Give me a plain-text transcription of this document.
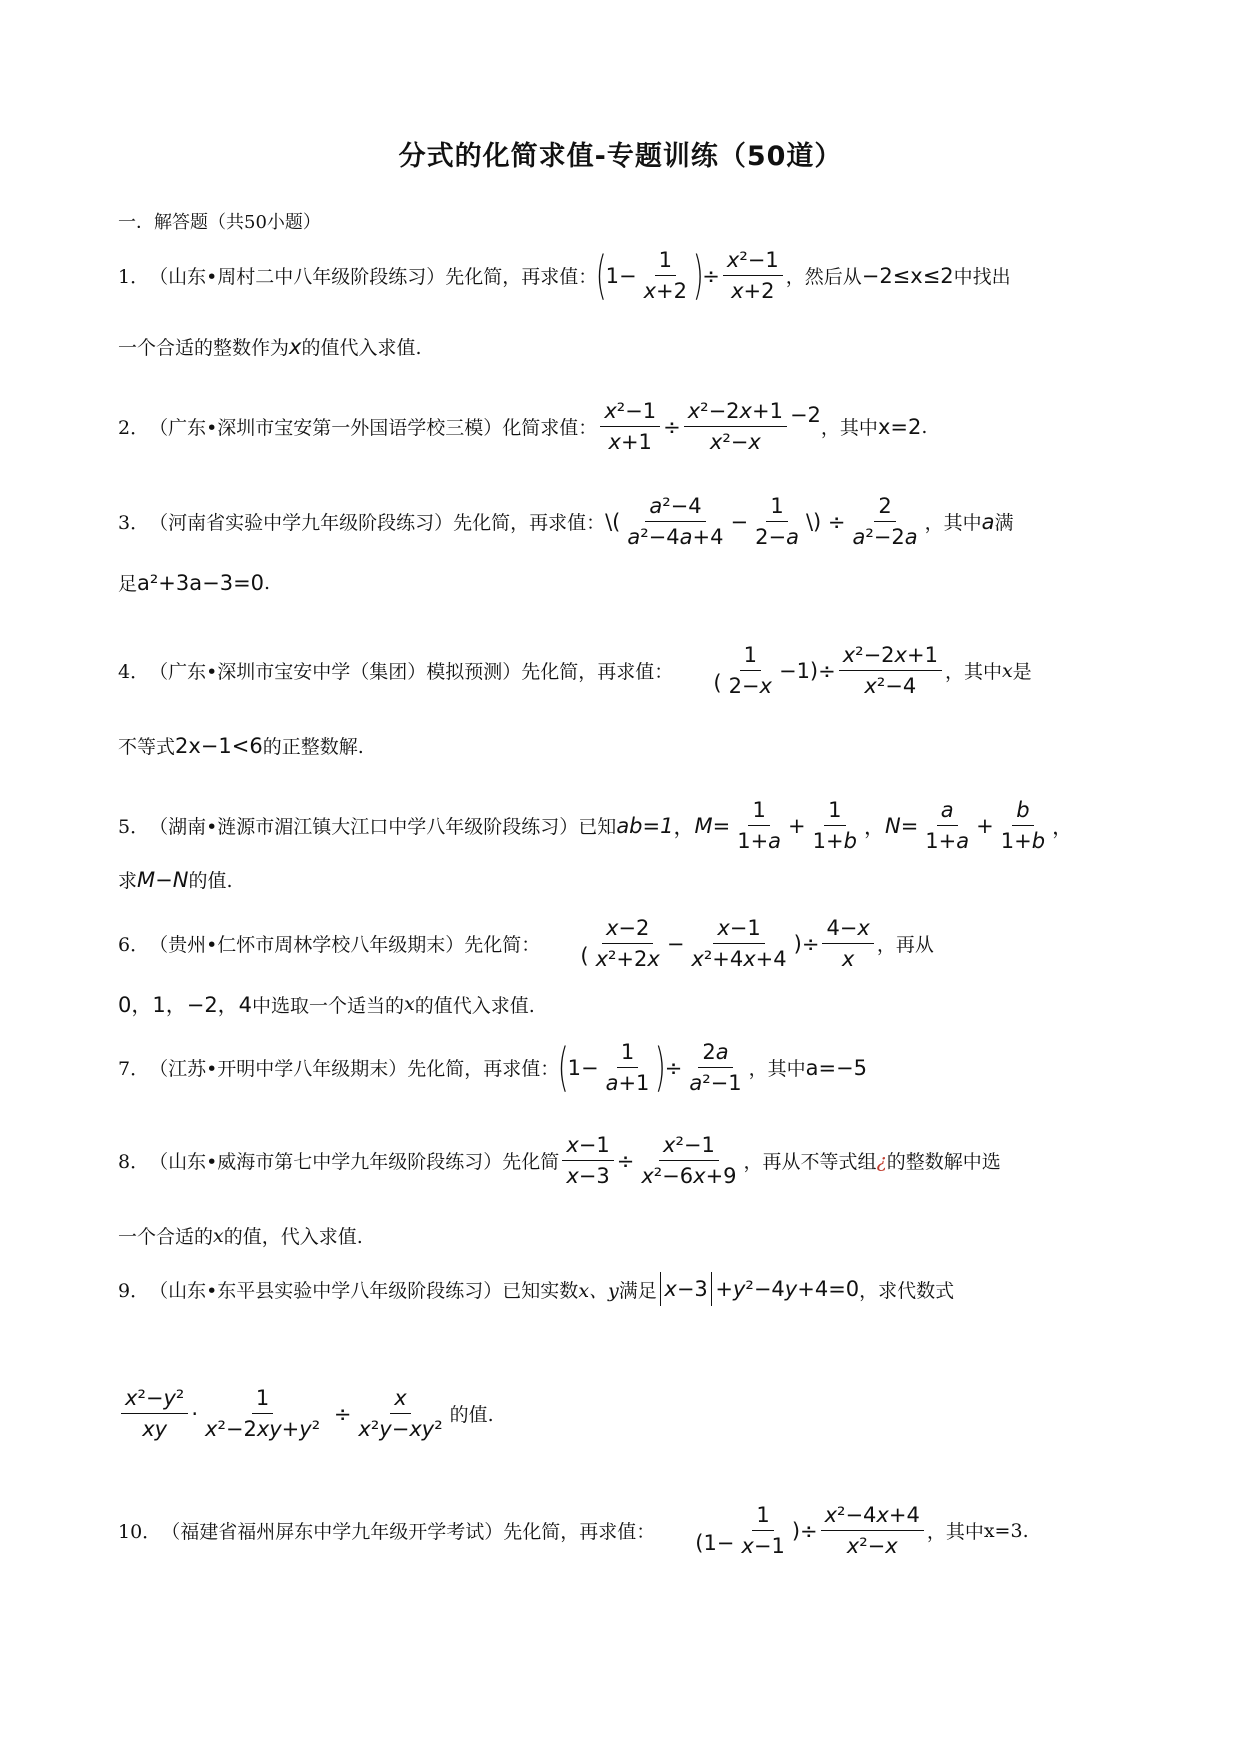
分式的化简求值-专题训练（50道）
一．解答题（共50小题）
1． （山东•周村二中八年级阶段练习）先化简，再求值：
(
$1- \frac{1}{x+2}$ )
÷ $\frac{\text{x²−1}}{x+2}$ ，然后从 −2≤x≤2 中找出
一个合适的整数作为 x 的值代入求值.
2． （广东•深圳市宝安第一外国语学校三模）化简求值： $\frac{\text{x²−1}}{x+1} \div \frac{\text{x²−2x+1}}{\text{x²−x}} -2$

，其中 x=2 .
3． （河南省实验中学九年级阶段练习）先化简，再求值： \( $\frac{\text{a²−4}}{\text{a²−4a+4}} - \frac{1}{2-a}$ \) ÷ $\frac{2}{\text{a²−2a}}$ ，其中 a 满
足 a²+3a−3=0 .
4． （广东•深圳市宝安中学（集团）模拟预测）先化简，再求值：	
( $\frac{1}{2-x} -1)\div \frac{\text{x²−2x+1}}{\text{x²−4}}$ ，其中 x 是
不等式 2x−1<6 的正整数解.
5． （湖南•涟源市湄江镇大江口中学八年级阶段练习）已知 ab=1 ， $M = \frac{1}{1+a} + \frac{1}{1+b}$ ， $N = \frac{a}{1+a} + \frac{b}{1+b}$ ，
求 M−N 的值.
6． （贵州•仁怀市周林学校八年级期末）先化简：	
( $\frac{x-2}{\text{x²+2x}} - \frac{x-1}{\text{x²+4x+4}}$ )÷ $\frac{4-x}{x}$ ，再从
0，1，−2，4 中选取一个适当的 x 的值代入求值.
7． （江苏•开明中学八年级期末）先化简，再求值：
(
$1- \frac{1}{a+1}$ )
÷ $\frac{2a}{\text{a²−1}}$ ，其中 a=−5
8． （山东•威海市第七中学九年级阶段练习）先化简 $\frac{x-1}{x-3} \div \frac{\text{x²−1}}{\text{x²−6x+9}}$ ，再从不等式组 ¿ 的整数解中选
一个合适的 x 的值，代入求值.
9． （山东•东平县实验中学八年级阶段练习）已知实数 x、y 满足 x −3 + y ²−4 y +4=0 ，求代数式
$\frac{\text{x²−y²}}{xy} \cdot \frac{1}{\text{x²−2xy+y²}} \div \frac{x}{\text{x²y−xy²}}$ 的值.
10． （福建省福州屏东中学九年级开学考试）先化简，再求值：	
($1- \frac{1}{x-1}$ )÷ $\frac{\text{x²−4x+4}}{\text{x²−x}}$ ，其中 x=3.
